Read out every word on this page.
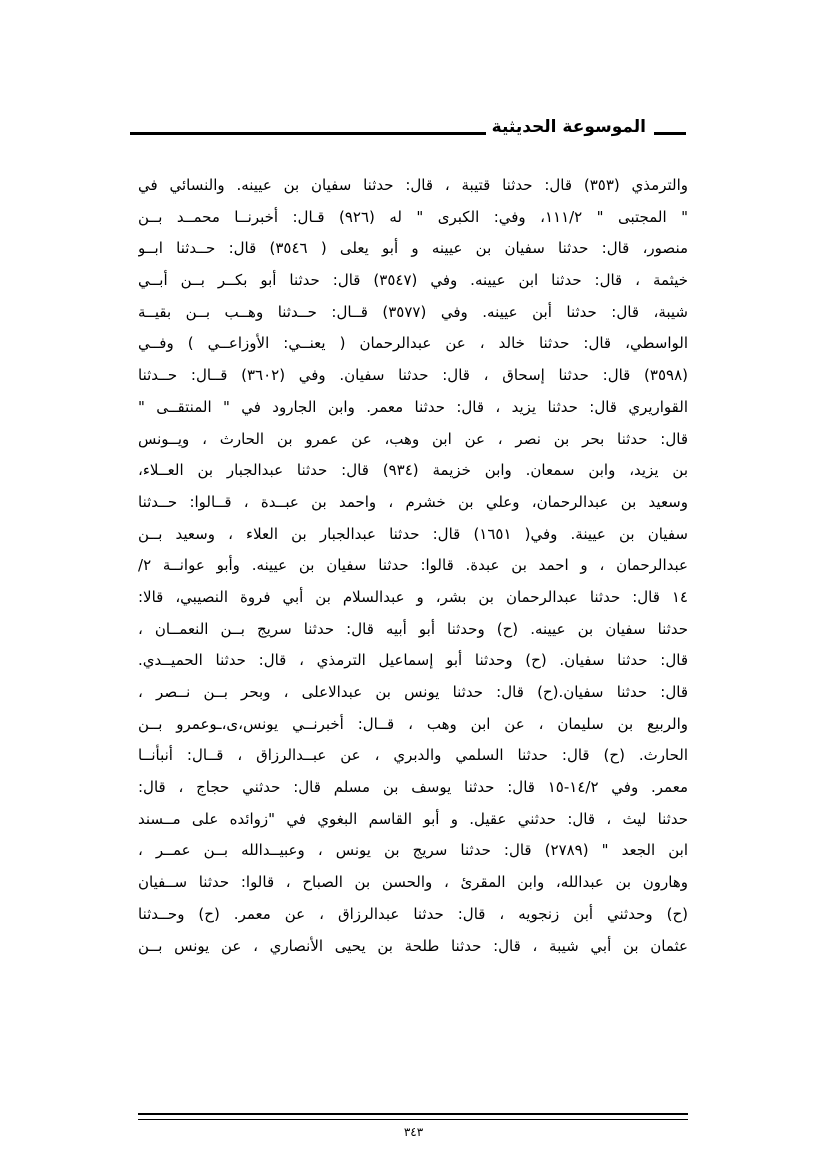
الموسوعة الحديثية
والترمذي (٣٥٣) قال: حدثنا قتيبة ، قال: حدثنا سفيان بن عيينه. والنسائي في
" المجتبى " ١١١/٢، وفي: الكبرى " له (٩٢٦) قـال: أخبرنــا محمــد بــن
منصور، قال: حدثنا سفيان بن عيينه و أبو يعلى ( ٣٥٤٦) قال: حــدثنا ابــو
خيثمة ، قال: حدثنا ابن عيينه. وفي (٣٥٤٧) قال: حدثنا أبو بكــر بــن أبــي
شيبة، قال: حدثنا أبن عيينه. وفي (٣٥٧٧) قــال: حــدثنا وهــب بــن بقيــة
الواسطي، قال: حدثنا خالد ، عن عبدالرحمان ( يعنــي: الأوزاعــي ) وفــي
(٣٥٩٨) قال: حدثنا إسحاق ، قال: حدثنا سفيان. وفي (٣٦٠٢) قــال: حــدثنا
القواريري قال: حدثنا يزيد ، قال: حدثنا معمر. وابن الجارود في " المنتقــى "
قال: حدثنا بحر بن نصر ، عن ابن وهب، عن عمرو بن الحارث ، ويــونس
بن يزيد، وابن سمعان. وابن خزيمة (٩٣٤) قال: حدثنا عبدالجبار بن العــلاء،
وسعيد بن عبدالرحمان، وعلي بن خشرم ، واحمد بن عبــدة ، قــالوا: حــدثنا
سفيان بن عيينة. وفي( ١٦٥١) قال: حدثنا عبدالجبار بن العلاء ، وسعيد بــن
عبدالرحمان ، و احمد بن عبدة. قالوا: حدثنا سفيان بن عيينه. وأبو عوانــة ٢/
١٤ قال: حدثنا عبدالرحمان بن بشر، و عبدالسلام بن أبي فروة النصيبي، قالا:
حدثنا سفيان بن عيينه. (ح) وحدثنا أبو أبيه قال: حدثنا سريج بــن النعمــان ،
قال: حدثنا سفيان. (ح) وحدثنا أبو إسماعيل الترمذي ، قال: حدثنا الحميــدي.
قال: حدثنا سفيان.(ح) قال: حدثنا يونس بن عبدالاعلى ، وبحر بــن نــصر ،
والربيع بن سليمان ، عن ابن وهب ، قــال: أخبرنــي يونس،ى،ـوعمرو بــن
الحارث. (ح) قال: حدثنا السلمي والدبري ، عن عبــدالرزاق ، قــال: أنبأنــا
معمر. وفي ١٤/٢-١٥ قال: حدثنا يوسف بن مسلم قال: حدثني حجاج ، قال:
حدثنا ليث ، قال: حدثني عقيل. و أبو القاسم البغوي في "زوائده على مــسند
ابن الجعد " (٢٧٨٩) قال: حدثنا سريج بن يونس ، وعبيــدالله بــن عمــر ،
وهارون بن عبدالله، وابن المقرئ ، والحسن بن الصباح ، قالوا: حدثنا ســفيان
(ح) وحدثني أبن زنجويه ، قال: حدثنا عبدالرزاق ، عن معمر. (ح) وحــدثنا
عثمان بن أبي شيبة ، قال: حدثنا طلحة بن يحيى الأنصاري ، عن يونس بــن
٣٤٣
